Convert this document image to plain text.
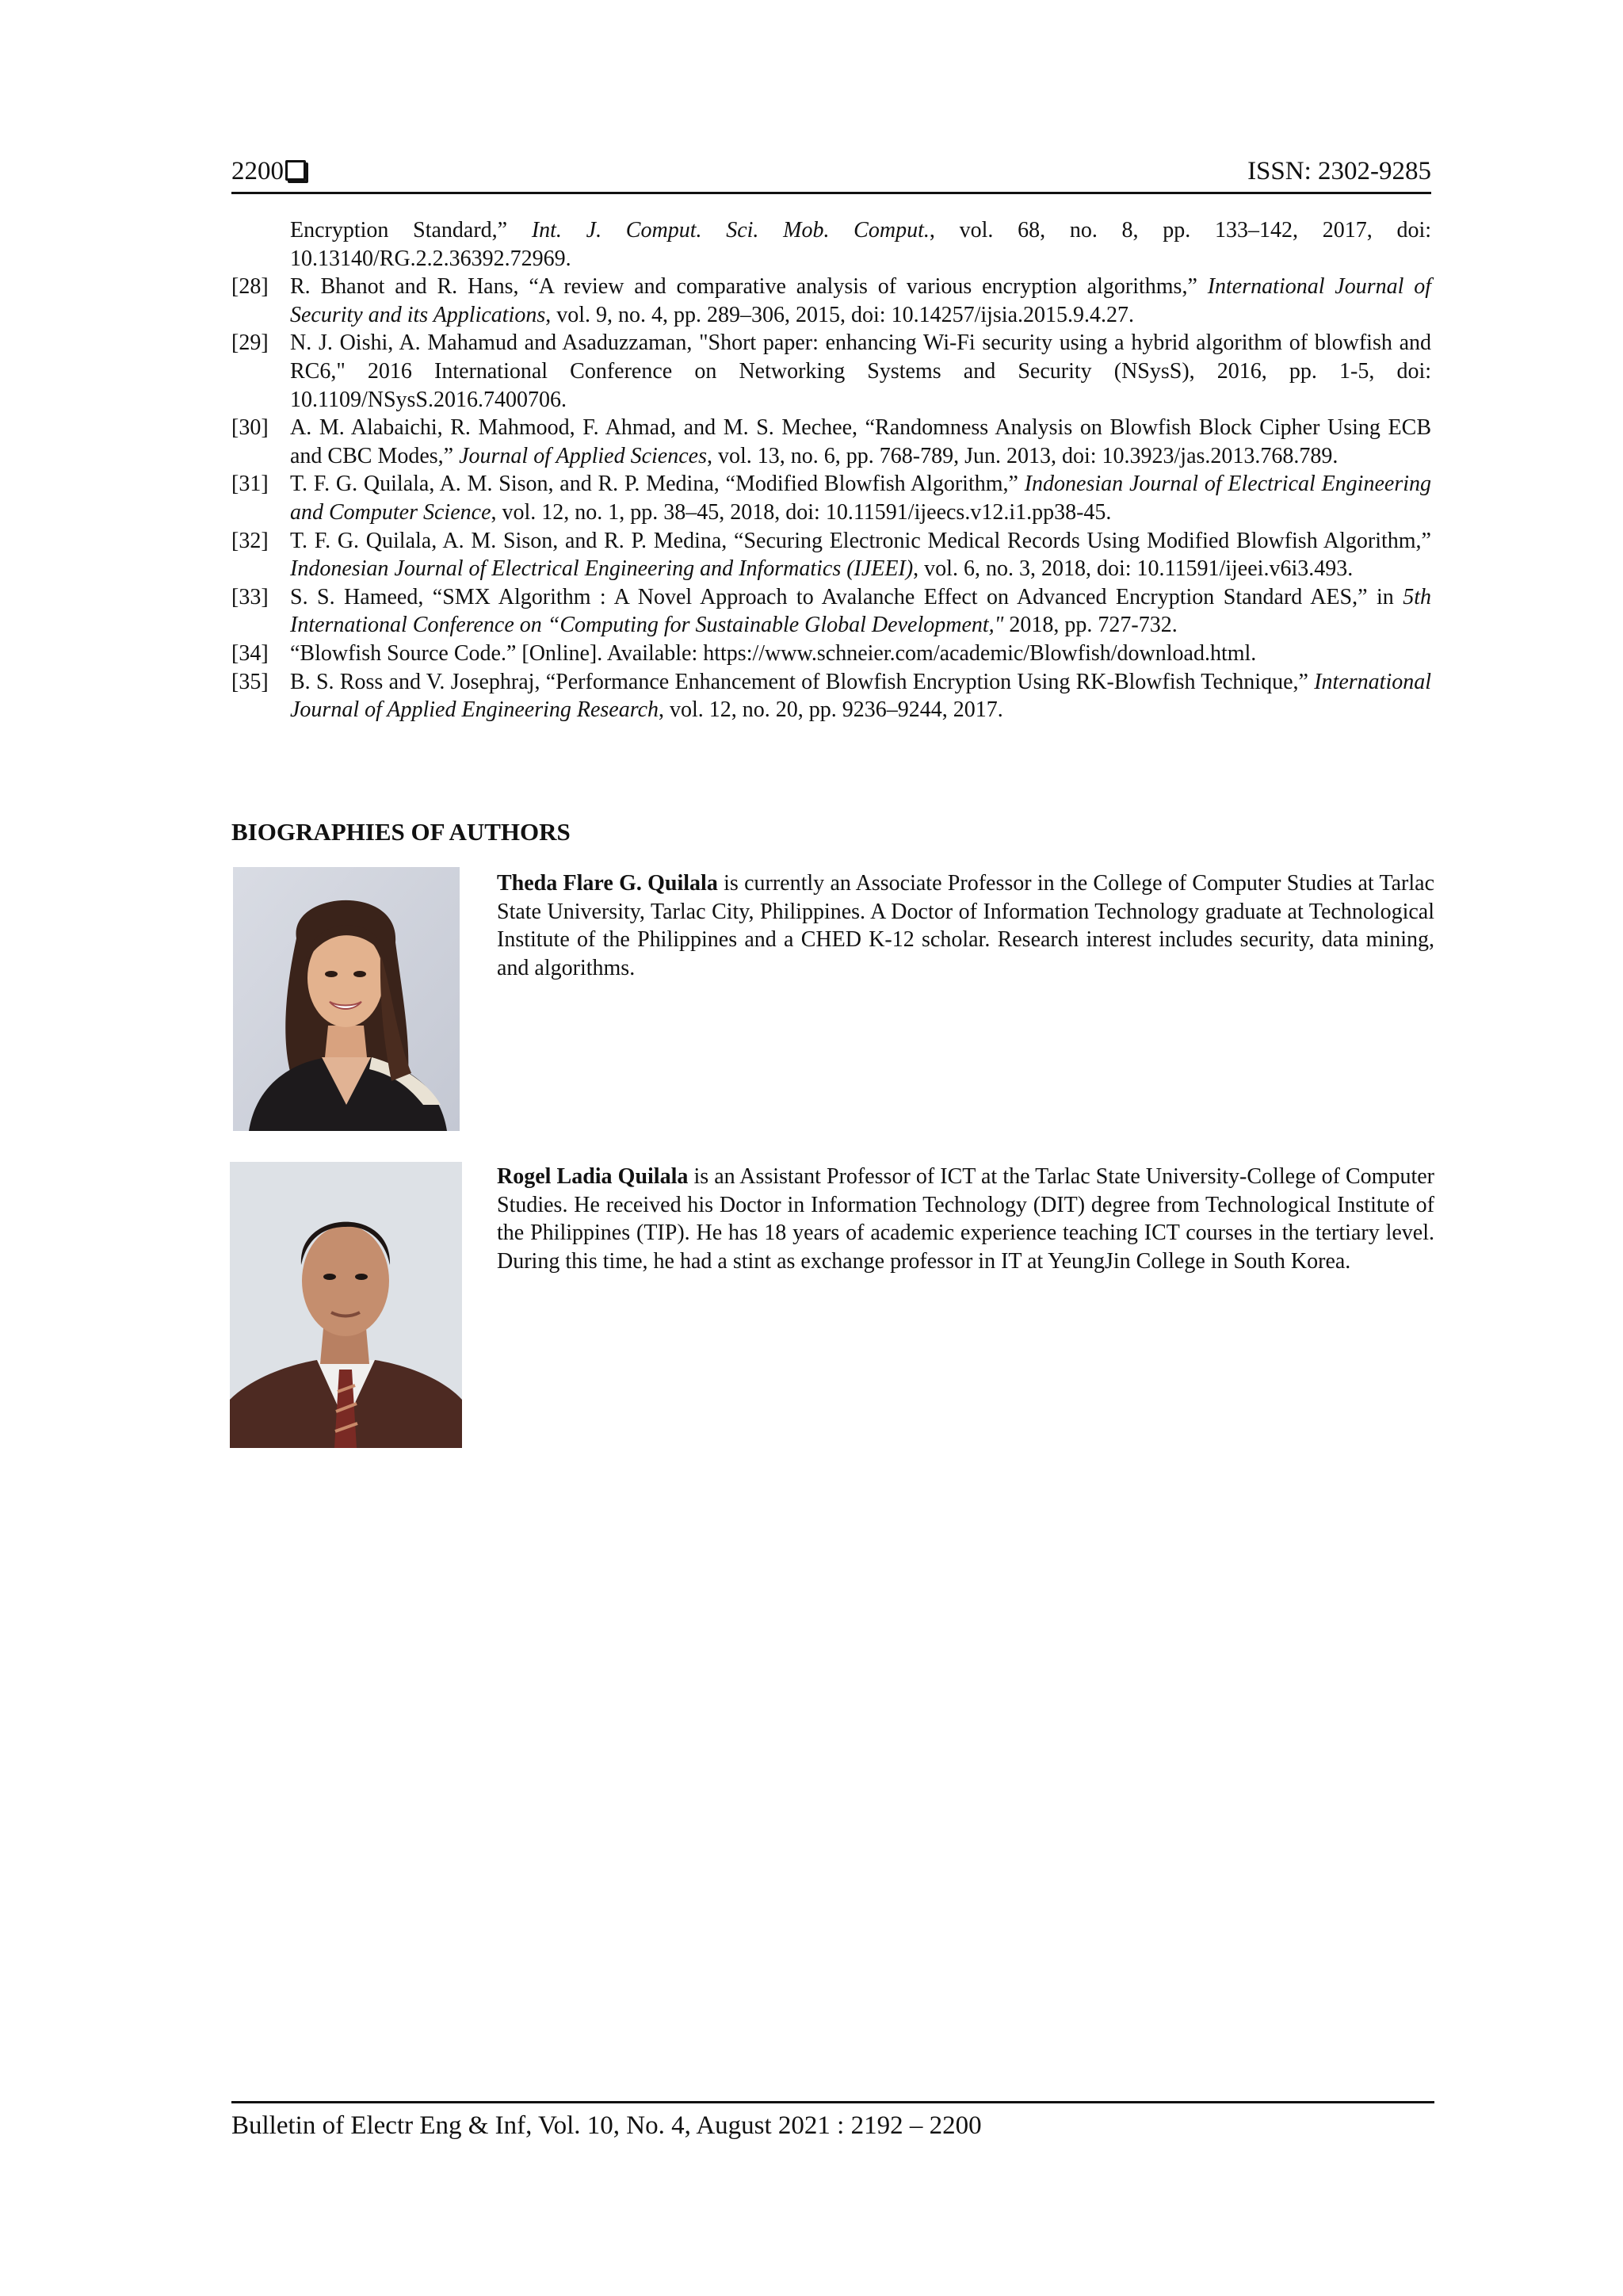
2200	ISSN: 2302-9285
Encryption Standard,” Int. J. Comput. Sci. Mob. Comput., vol. 68, no. 8, pp. 133–142, 2017, doi: 10.13140/RG.2.2.36392.72969.
[28] R. Bhanot and R. Hans, “A review and comparative analysis of various encryption algorithms,” International Journal of Security and its Applications, vol. 9, no. 4, pp. 289–306, 2015, doi: 10.14257/ijsia.2015.9.4.27.
[29] N. J. Oishi, A. Mahamud and Asaduzzaman, "Short paper: enhancing Wi-Fi security using a hybrid algorithm of blowfish and RC6," 2016 International Conference on Networking Systems and Security (NSysS), 2016, pp. 1-5, doi: 10.1109/NSysS.2016.7400706.
[30] A. M. Alabaichi, R. Mahmood, F. Ahmad, and M. S. Mechee, “Randomness Analysis on Blowfish Block Cipher Using ECB and CBC Modes,” Journal of Applied Sciences, vol. 13, no. 6, pp. 768-789, Jun. 2013, doi: 10.3923/jas.2013.768.789.
[31] T. F. G. Quilala, A. M. Sison, and R. P. Medina, “Modified Blowfish Algorithm,” Indonesian Journal of Electrical Engineering and Computer Science, vol. 12, no. 1, pp. 38–45, 2018, doi: 10.11591/ijeecs.v12.i1.pp38-45.
[32] T. F. G. Quilala, A. M. Sison, and R. P. Medina, “Securing Electronic Medical Records Using Modified Blowfish Algorithm,” Indonesian Journal of Electrical Engineering and Informatics (IJEEI), vol. 6, no. 3, 2018, doi: 10.11591/ijeei.v6i3.493.
[33] S. S. Hameed, “SMX Algorithm : A Novel Approach to Avalanche Effect on Advanced Encryption Standard AES,” in 5th International Conference on “Computing for Sustainable Global Development," 2018, pp. 727-732.
[34] “Blowfish Source Code.” [Online]. Available: https://www.schneier.com/academic/Blowfish/download.html.
[35] B. S. Ross and V. Josephraj, “Performance Enhancement of Blowfish Encryption Using RK-Blowfish Technique,” International Journal of Applied Engineering Research, vol. 12, no. 20, pp. 9236–9244, 2017.
BIOGRAPHIES OF AUTHORS
Theda Flare G. Quilala is currently an Associate Professor in the College of Computer Studies at Tarlac State University, Tarlac City, Philippines. A Doctor of Information Technology graduate at Technological Institute of the Philippines and a CHED K-12 scholar. Research interest includes security, data mining, and algorithms.
Rogel Ladia Quilala is an Assistant Professor of ICT at the Tarlac State University-College of Computer Studies. He received his Doctor in Information Technology (DIT) degree from Technological Institute of the Philippines (TIP). He has 18 years of academic experience teaching ICT courses in the tertiary level. During this time, he had a stint as exchange professor in IT at YeungJin College in South Korea.
Bulletin of Electr Eng & Inf, Vol. 10, No. 4, August 2021 : 2192 – 2200
